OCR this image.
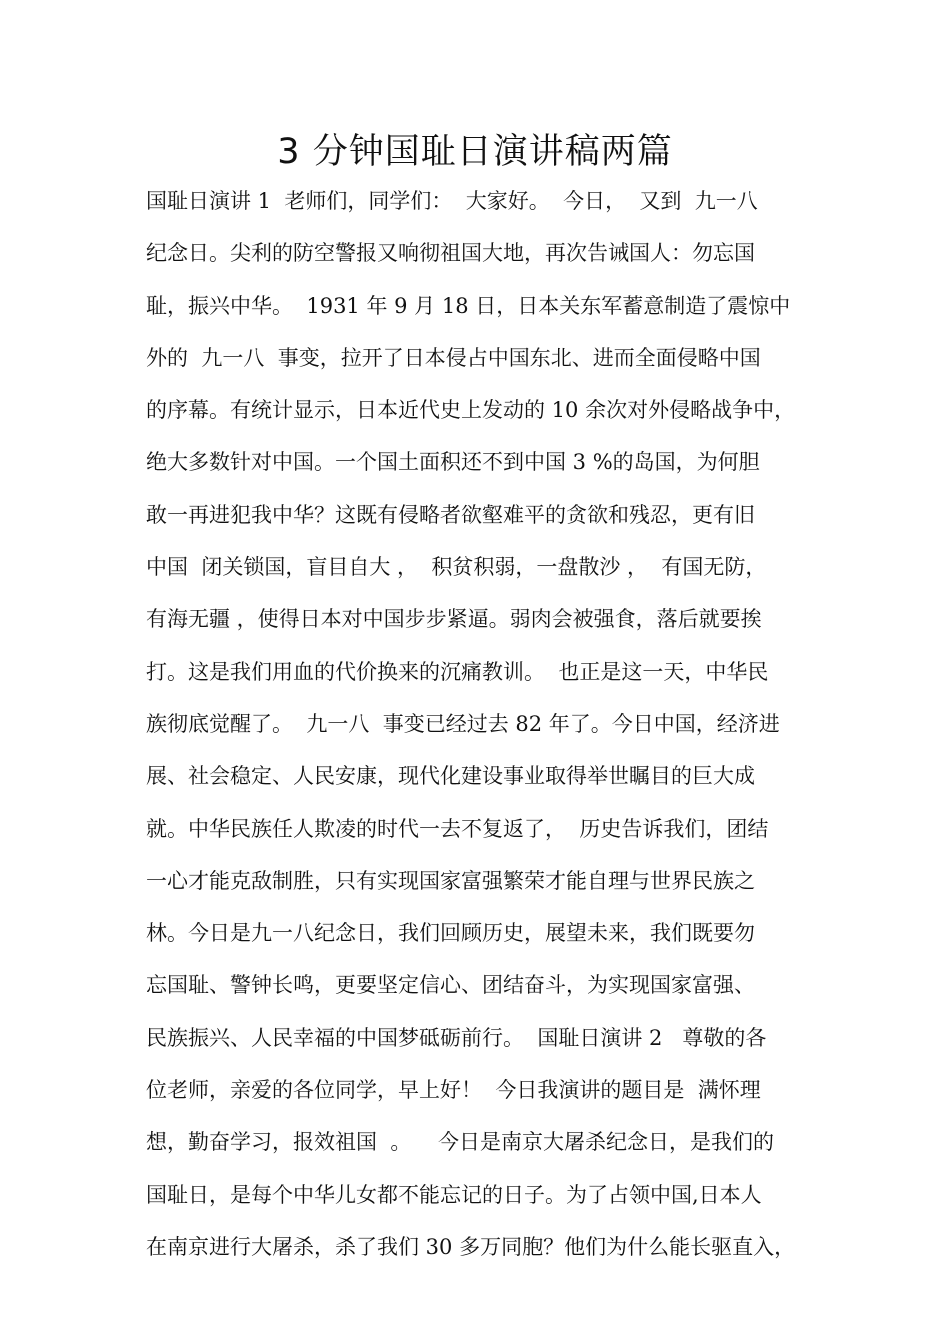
3 分钟国耻日演讲稿两篇
国耻日演讲 1  老师们，同学们：  大家好。  今日，  又到  九一八
纪念日。尖利的防空警报又响彻祖国大地，再次告诫国人：勿忘国
耻，振兴中华。  1931 年 9 月 18 日，日本关东军蓄意制造了震惊中
外的  九一八  事变，拉开了日本侵占中国东北、进而全面侵略中国
的序幕。有统计显示，日本近代史上发动的 10 余次对外侵略战争中，
绝大多数针对中国。一个国土面积还不到中国 3 %的岛国，为何胆
敢一再进犯我中华？这既有侵略者欲壑难平的贪欲和残忍，更有旧
中国  闭关锁国，盲目自大 ，  积贫积弱，一盘散沙 ，  有国无防，
有海无疆 ，使得日本对中国步步紧逼。弱肉会被强食，落后就要挨
打。这是我们用血的代价换来的沉痛教训。  也正是这一天，中华民
族彻底觉醒了。  九一八  事变已经过去 82 年了。今日中国，经济进
展、社会稳定、人民安康，现代化建设事业取得举世瞩目的巨大成
就。中华民族任人欺凌的时代一去不复返了，  历史告诉我们，团结
一心才能克敌制胜，只有实现国家富强繁荣才能自理与世界民族之
林。今日是九一八纪念日，我们回顾历史，展望未来，我们既要勿
忘国耻、警钟长鸣，更要坚定信心、团结奋斗，为实现国家富强、
民族振兴、人民幸福的中国梦砥砺前行。  国耻日演讲 2   尊敬的各
位老师，亲爱的各位同学，早上好！  今日我演讲的题目是  满怀理
想，勤奋学习，报效祖国  。    今日是南京大屠杀纪念日，是我们的
国耻日，是每个中华儿女都不能忘记的日子。为了占领中国,日本人
在南京进行大屠杀，杀了我们 30 多万同胞？他们为什么能长驱直入，
